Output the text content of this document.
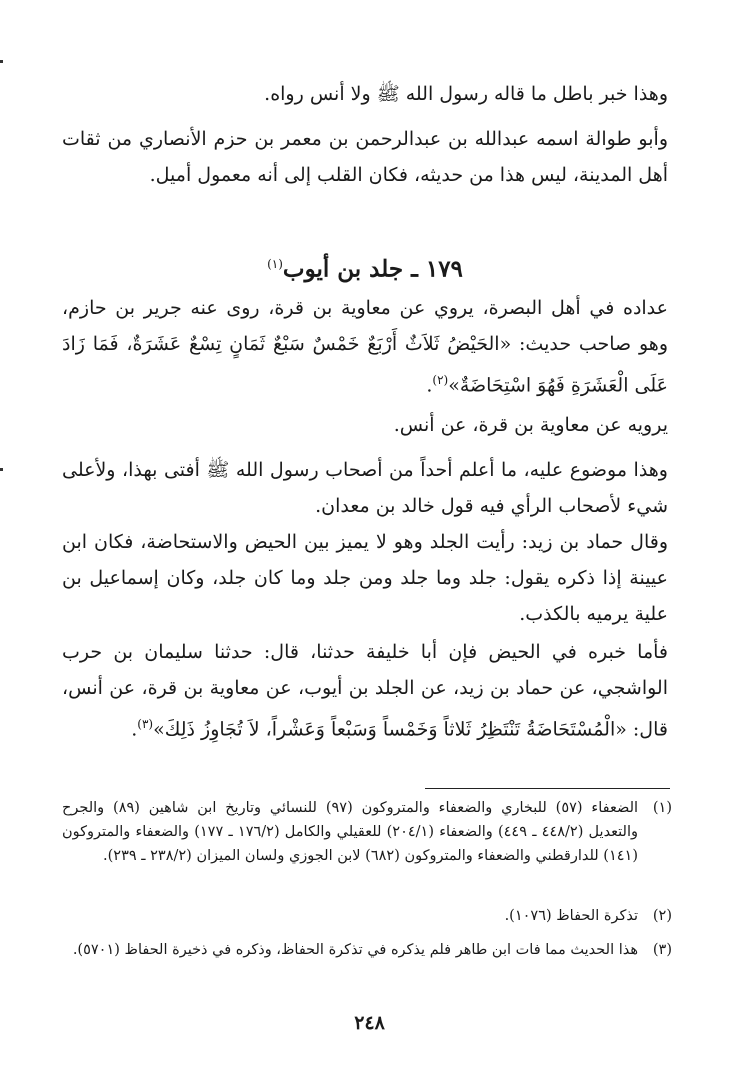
وهذا خبر باطل ما قاله رسول الله ﷺ ولا أنس رواه.

وأبو طوالة اسمه عبدالله بن عبدالرحمن بن معمر بن حزم الأنصاري من ثقات أهل المدينة، ليس هذا من حديثه، فكان القلب إلى أنه معمول أميل.

١٧٩ ـ جلد بن أيوب$^{(١)}$

عداده في أهل البصرة، يروي عن معاوية بن قرة، روى عنه جرير بن حازم، وهو صاحب حديث: «الحَيْضُ ثَلاَثٌ أَرْبَعٌ خَمْسٌ سَبْعٌ ثَمَانٍ تِسْعٌ عَشَرَةٌ، فَمَا زَادَ عَلَى الْعَشَرَةِ فَهُوَ اسْتِحَاضَةٌ»$^{(٢)}$.

يرويه عن معاوية بن قرة، عن أنس.

وهذا موضوع عليه، ما أعلم أحداً من أصحاب رسول الله ﷺ أفتى بهذا، ولأعلى شيء لأصحاب الرأي فيه قول خالد بن معدان.

وقال حماد بن زيد: رأيت الجلد وهو لا يميز بين الحيض والاستحاضة، فكان ابن عيينة إذا ذكره يقول: جلد وما جلد ومن جلد وما كان جلد، وكان إسماعيل بن علية يرميه بالكذب.

فأما خبره في الحيض فإن أبا خليفة حدثنا، قال: حدثنا سليمان بن حرب الواشجي، عن حماد بن زيد، عن الجلد بن أيوب، عن معاوية بن قرة، عن أنس، قال: «الْمُسْتَحَاضَةُ تَنْتَظِرُ ثَلاثاً وَخَمْساً وَسَبْعاً وَعَشْراً، لاَ تُجَاوِزُ ذَلِكَ»$^{(٣)}$.

(١)
الضعفاء (٥٧) للبخاري والضعفاء والمتروكون (٩٧) للنسائي وتاريخ ابن شاهين (٨٩) والجرح والتعديل (٤٤٨/٢ ـ ٤٤٩) والضعفاء (٢٠٤/١) للعقيلي والكامل (١٧٦/٢ ـ ١٧٧) والضعفاء والمتروكون (١٤١) للدارقطني والضعفاء والمتروكون (٦٨٢) لابن الجوزي ولسان الميزان (٢٣٨/٢ ـ ٢٣٩).
(٢)
تذكرة الحفاظ (١٠٧٦).
(٣)
هذا الحديث مما فات ابن طاهر فلم يذكره في تذكرة الحفاظ، وذكره في ذخيرة الحفاظ (٥٧٠١).
٢٤٨
